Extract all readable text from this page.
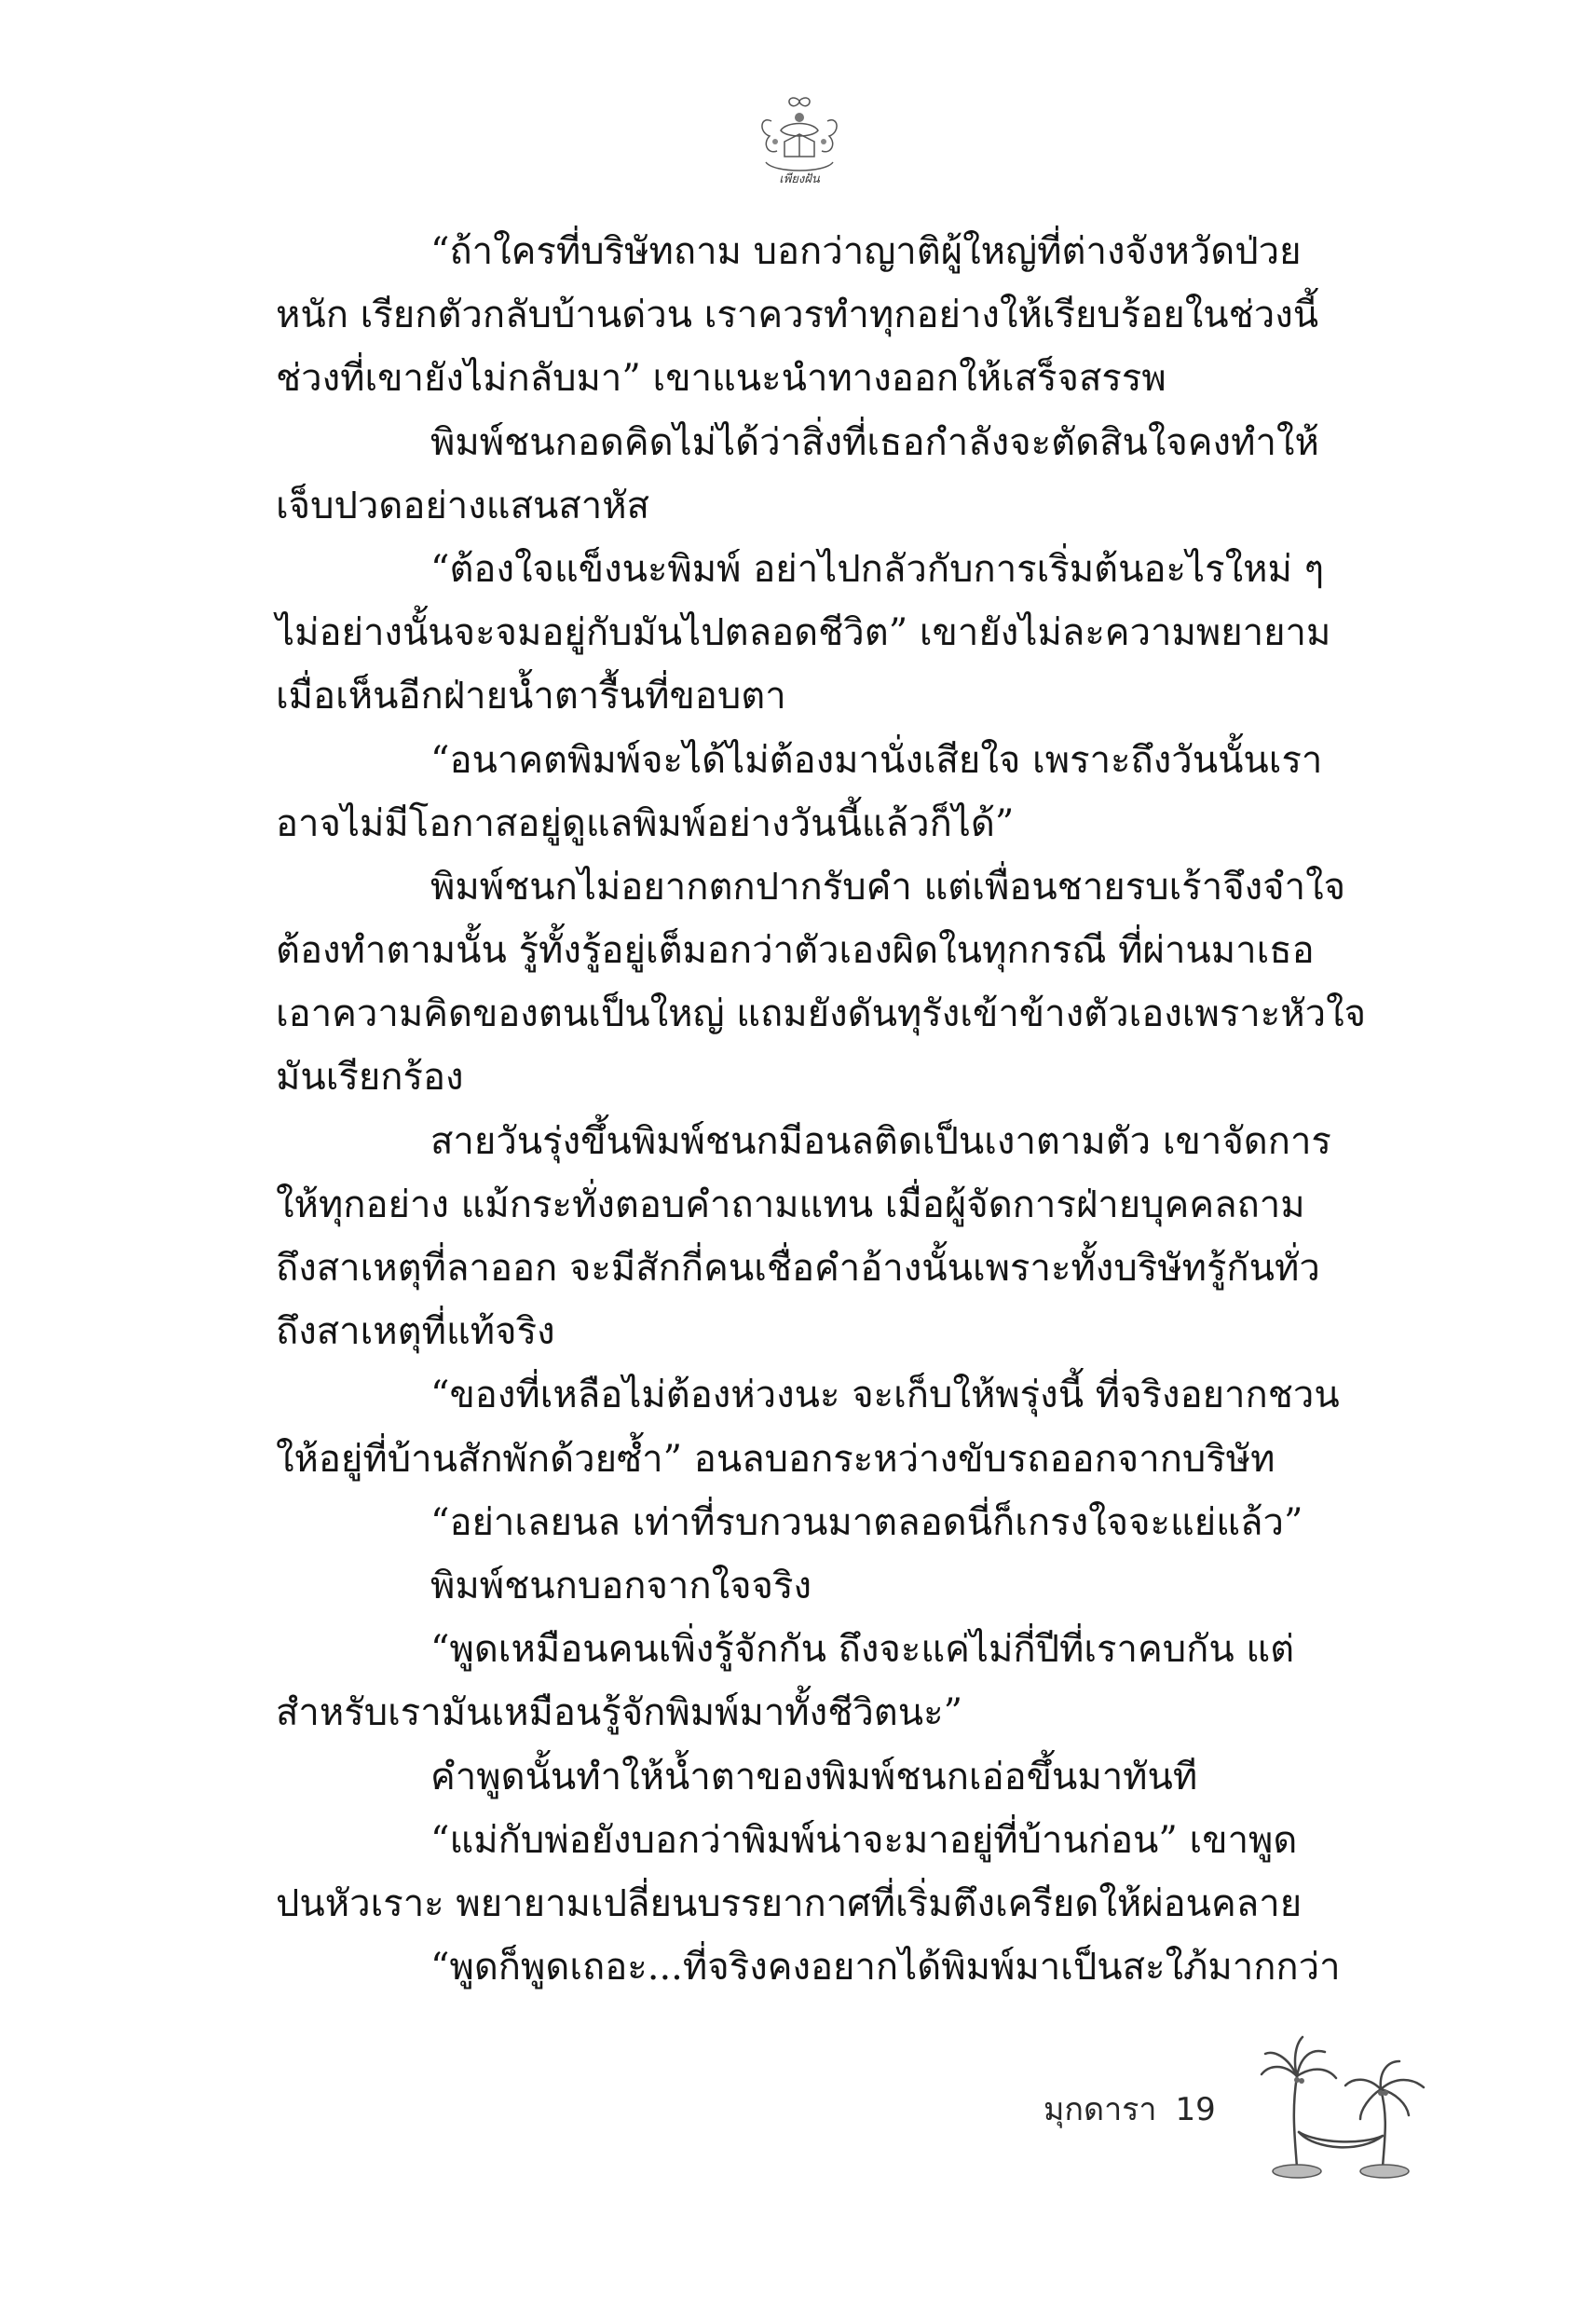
เพียงฝัน
“ถ้าใครที่บริษัทถาม บอกว่าญาติผู้ใหญ่ที่ต่างจังหวัดป่วย
หนัก เรียกตัวกลับบ้านด่วน เราควรทำทุกอย่างให้เรียบร้อยในช่วงนี้
ช่วงที่เขายังไม่กลับมา” เขาแนะนำทางออกให้เสร็จสรรพ
พิมพ์ชนกอดคิดไม่ได้ว่าสิ่งที่เธอกำลังจะตัดสินใจคงทำให้
เจ็บปวดอย่างแสนสาหัส
“ต้องใจแข็งนะพิมพ์ อย่าไปกลัวกับการเริ่มต้นอะไรใหม่ ๆ
ไม่อย่างนั้นจะจมอยู่กับมันไปตลอดชีวิต” เขายังไม่ละความพยายาม
เมื่อเห็นอีกฝ่ายน้ำตารื้นที่ขอบตา
“อนาคตพิมพ์จะได้ไม่ต้องมานั่งเสียใจ เพราะถึงวันนั้นเรา
อาจไม่มีโอกาสอยู่ดูแลพิมพ์อย่างวันนี้แล้วก็ได้”
พิมพ์ชนกไม่อยากตกปากรับคำ แต่เพื่อนชายรบเร้าจึงจำใจ
ต้องทำตามนั้น รู้ทั้งรู้อยู่เต็มอกว่าตัวเองผิดในทุกกรณี ที่ผ่านมาเธอ
เอาความคิดของตนเป็นใหญ่ แถมยังดันทุรังเข้าข้างตัวเองเพราะหัวใจ
มันเรียกร้อง
สายวันรุ่งขึ้นพิมพ์ชนกมีอนลติดเป็นเงาตามตัว เขาจัดการ
ให้ทุกอย่าง แม้กระทั่งตอบคำถามแทน เมื่อผู้จัดการฝ่ายบุคคลถาม
ถึงสาเหตุที่ลาออก จะมีสักกี่คนเชื่อคำอ้างนั้นเพราะทั้งบริษัทรู้กันทั่ว
ถึงสาเหตุที่แท้จริง
“ของที่เหลือไม่ต้องห่วงนะ จะเก็บให้พรุ่งนี้ ที่จริงอยากชวน
ให้อยู่ที่บ้านสักพักด้วยซ้ำ” อนลบอกระหว่างขับรถออกจากบริษัท
“อย่าเลยนล เท่าที่รบกวนมาตลอดนี่ก็เกรงใจจะแย่แล้ว”
พิมพ์ชนกบอกจากใจจริง
“พูดเหมือนคนเพิ่งรู้จักกัน ถึงจะแค่ไม่กี่ปีที่เราคบกัน แต่
สำหรับเรามันเหมือนรู้จักพิมพ์มาทั้งชีวิตนะ”
คำพูดนั้นทำให้น้ำตาของพิมพ์ชนกเอ่อขึ้นมาทันที
“แม่กับพ่อยังบอกว่าพิมพ์น่าจะมาอยู่ที่บ้านก่อน” เขาพูด
ปนหัวเราะ พยายามเปลี่ยนบรรยากาศที่เริ่มตึงเครียดให้ผ่อนคลาย
“พูดก็พูดเถอะ...ที่จริงคงอยากได้พิมพ์มาเป็นสะใภ้มากกว่า
มุกดารา 19
